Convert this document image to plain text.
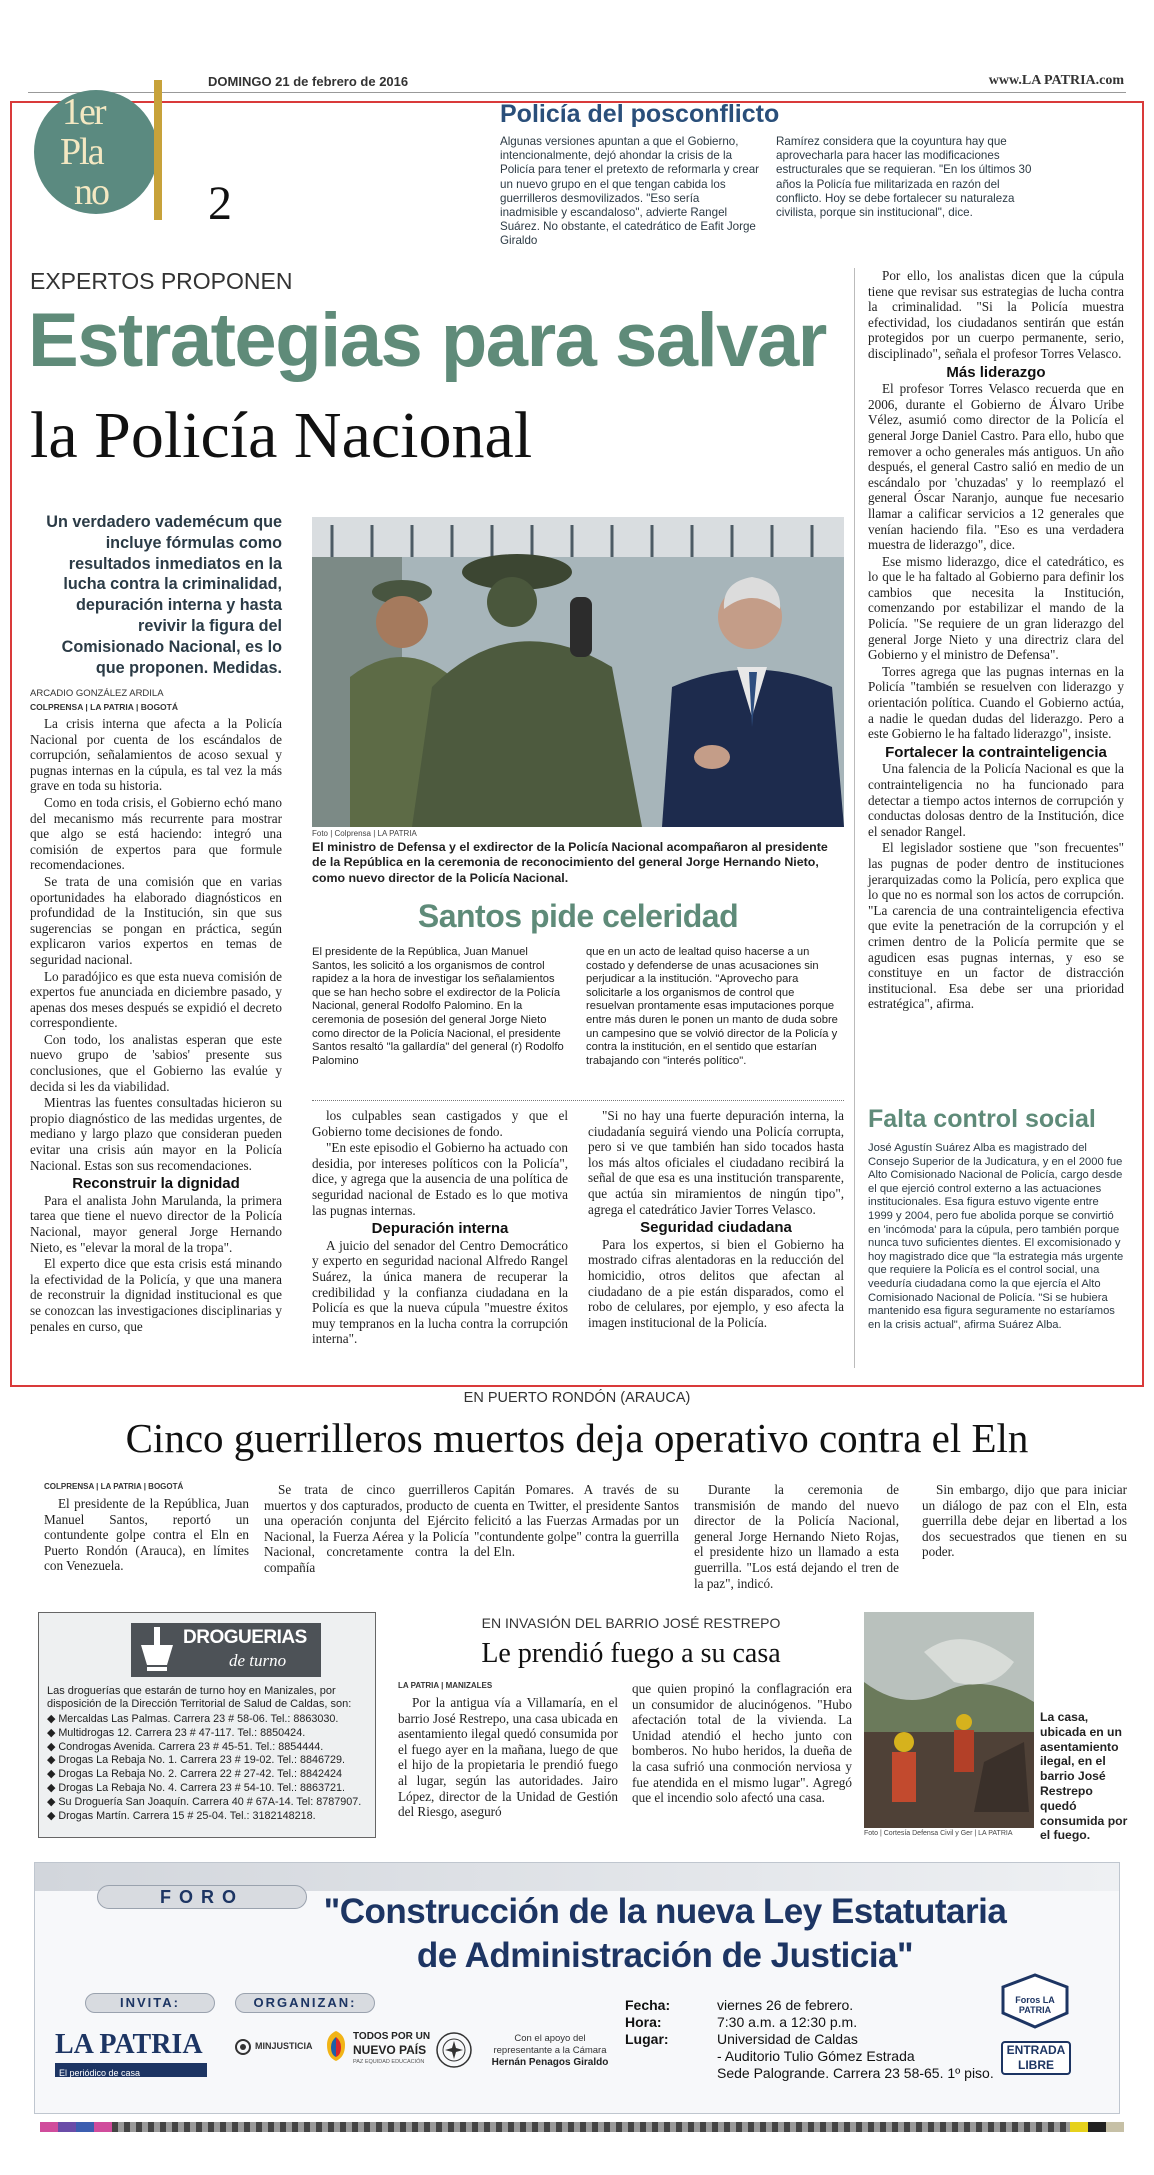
DOMINGO 21 de febrero de 2016	www.LA PATRIA.com
1er
Pla
no 2
Policía del posconflicto
Algunas versiones apuntan a que el Gobierno, intencionalmente, dejó ahondar la crisis de la Policía para tener el pretexto de reformarla y crear un nuevo grupo en el que tengan cabida los guerrilleros desmovilizados. "Eso sería inadmisible y escandaloso", advierte Rangel Suárez. No obstante, el catedrático de Eafit Jorge Giraldo
Ramírez considera que la coyuntura hay que aprovecharla para hacer las modificaciones estructurales que se requieran. "En los últimos 30 años la Policía fue militarizada en razón del conflicto. Hoy se debe fortalecer su naturaleza civilista, porque sin institucional", dice.
EXPERTOS PROPONEN
Estrategias para salvar
la Policía Nacional
Un verdadero vademécum que incluye fórmulas como resultados inmediatos en la lucha contra la criminalidad, depuración interna y hasta revivir la figura del Comisionado Nacional, es lo que proponen. Medidas.
ARCADIO GONZÁLEZ ARDILA
COLPRENSA | LA PATRIA | BOGOTÁ

La crisis interna que afecta a la Policía Nacional por cuenta de los escándalos de corrupción, señalamientos de acoso sexual y pugnas internas en la cúpula, es tal vez la más grave en toda su historia.

Como en toda crisis, el Gobierno echó mano del mecanismo más recurrente para mostrar que algo se está haciendo: integró una comisión de expertos para que formule recomendaciones.

Se trata de una comisión que en varias oportunidades ha elaborado diagnósticos en profundidad de la Institución, sin que sus sugerencias se pongan en práctica, según explicaron varios expertos en temas de seguridad nacional.

Lo paradójico es que esta nueva comisión de expertos fue anunciada en diciembre pasado, y apenas dos meses después se expidió el decreto correspondiente.

Con todo, los analistas esperan que este nuevo grupo de 'sabios' presente sus conclusiones, que el Gobierno las evalúe y decida si les da viabilidad.

Mientras las fuentes consultadas hicieron su propio diagnóstico de las medidas urgentes, de mediano y largo plazo que consideran pueden evitar una crisis aún mayor en la Policía Nacional. Estas son sus recomendaciones.

Reconstruir la dignidad

Para el analista John Marulanda, la primera tarea que tiene el nuevo director de la Policía Nacional, mayor general Jorge Hernando Nieto, es "elevar la moral de la tropa".

El experto dice que esta crisis está minando la efectividad de la Policía, y que una manera de reconstruir la dignidad institucional es que se conozcan las investigaciones disciplinarias y penales en curso, que

Foto | Colprensa | LA PATRIA
El ministro de Defensa y el exdirector de la Policía Nacional acompañaron al presidente de la República en la ceremonia de reconocimiento del general Jorge Hernando Nieto, como nuevo director de la Policía Nacional.
Santos pide celeridad
El presidente de la República, Juan Manuel Santos, les solicitó a los organismos de control rapidez a la hora de investigar los señalamientos que se han hecho sobre el exdirector de la Policía Nacional, general Rodolfo Palomino. En la ceremonia de posesión del general Jorge Nieto como director de la Policía Nacional, el presidente Santos resaltó "la gallardía" del general (r) Rodolfo Palomino
que en un acto de lealtad quiso hacerse a un costado y defenderse de unas acusaciones sin perjudicar a la institución. "Aprovecho para solicitarle a los organismos de control que resuelvan prontamente esas imputaciones porque entre más duren le ponen un manto de duda sobre un campesino que se volvió director de la Policía y contra la institución, en el sentido que estarían trabajando con "interés político".

los culpables sean castigados y que el Gobierno tome decisiones de fondo.

"En este episodio el Gobierno ha actuado con desidia, por intereses políticos con la Policía", dice, y agrega que la ausencia de una política de seguridad nacional de Estado es lo que motiva las pugnas internas.

Depuración interna

A juicio del senador del Centro Democrático y experto en seguridad nacional Alfredo Rangel Suárez, la única manera de recuperar la credibilidad y la confianza ciudadana en la Policía es que la nueva cúpula "muestre éxitos muy tempranos en la lucha contra la corrupción interna".

"Si no hay una fuerte depuración interna, la ciudadanía seguirá viendo una Policía corrupta, pero si ve que también han sido tocados hasta los más altos oficiales el ciudadano recibirá la señal de que esa es una institución transparente, que actúa sin miramientos de ningún tipo", agrega el catedrático Javier Torres Velasco.

Seguridad ciudadana

Para los expertos, si bien el Gobierno ha mostrado cifras alentadoras en la reducción del homicidio, otros delitos que afectan al ciudadano de a pie están disparados, como el robo de celulares, por ejemplo, y eso afecta la imagen institucional de la Policía.

Por ello, los analistas dicen que la cúpula tiene que revisar sus estrategias de lucha contra la criminalidad. "Si la Policía muestra efectividad, los ciudadanos sentirán que están protegidos por un cuerpo permanente, serio, disciplinado", señala el profesor Torres Velasco.

Más liderazgo

El profesor Torres Velasco recuerda que en 2006, durante el Gobierno de Álvaro Uribe Vélez, asumió como director de la Policía el general Jorge Daniel Castro. Para ello, hubo que remover a ocho generales más antiguos. Un año después, el general Castro salió en medio de un escándalo por 'chuzadas' y lo reemplazó el general Óscar Naranjo, aunque fue necesario llamar a calificar servicios a 12 generales que venían haciendo fila. "Eso es una verdadera muestra de liderazgo", dice.

Ese mismo liderazgo, dice el catedrático, es lo que le ha faltado al Gobierno para definir los cambios que necesita la Institución, comenzando por estabilizar el mando de la Policía. "Se requiere de un gran liderazgo del general Jorge Nieto y una directriz clara del Gobierno y el ministro de Defensa".

Torres agrega que las pugnas internas en la Policía "también se resuelven con liderazgo y orientación política. Cuando el Gobierno actúa, a nadie le quedan dudas del liderazgo. Pero a este Gobierno le ha faltado liderazgo", insiste.

Fortalecer la contrainteligencia

Una falencia de la Policía Nacional es que la contrainteligencia no ha funcionado para detectar a tiempo actos internos de corrupción y conductas dolosas dentro de la Institución, dice el senador Rangel.

El legislador sostiene que "son frecuentes" las pugnas de poder dentro de instituciones jerarquizadas como la Policía, pero explica que lo que no es normal son los actos de corrupción. "La carencia de una contrainteligencia efectiva que evite la penetración de la corrupción y el crimen dentro de la Policía permite que se agudicen esas pugnas internas, y eso se constituye en un factor de distracción institucional. Esa debe ser una prioridad estratégica", afirma.

Falta control social
José Agustín Suárez Alba es magistrado del Consejo Superior de la Judicatura, y en el 2000 fue Alto Comisionado Nacional de Policía, cargo desde el que ejerció control externo a las actuaciones institucionales. Esa figura estuvo vigente entre 1999 y 2004, pero fue abolida porque se convirtió en 'incómoda' para la cúpula, pero también porque nunca tuvo suficientes dientes. El excomisionado y hoy magistrado dice que "la estrategia más urgente que requiere la Policía es el control social, una veeduría ciudadana como la que ejercía el Alto Comisionado Nacional de Policía. "Si se hubiera mantenido esa figura seguramente no estaríamos en la crisis actual", afirma Suárez Alba.
EN PUERTO RONDÓN (ARAUCA)
Cinco guerrilleros muertos deja operativo contra el Eln
COLPRENSA | LA PATRIA | BOGOTÁ

El presidente de la República, Juan Manuel Santos, reportó un contundente golpe contra el Eln en Puerto Rondón (Arauca), en límites con Venezuela.

Se trata de cinco guerrilleros muertos y dos capturados, producto de una operación conjunta del Ejército Nacional, la Fuerza Aérea y la Policía Nacional, concretamente contra la compañía

Capitán Pomares. A través de su cuenta en Twitter, el presidente Santos felicitó a las Fuerzas Armadas por un "contundente golpe" contra la guerrilla del Eln.

Durante la ceremonia de transmisión de mando del nuevo director de la Policía Nacional, general Jorge Hernando Nieto Rojas, el presidente hizo un llamado a esta guerrilla. "Los está dejando el tren de la paz", indicó.

Sin embargo, dijo que para iniciar un diálogo de paz con el Eln, esta guerrilla debe dejar en libertad a los dos secuestrados que tienen en su poder.

DROGUERIAS
de turno
Las droguerías que estarán de turno hoy en Manizales, por disposición de la Dirección Territorial de Salud de Caldas, son:
◆ Mercaldas Las Palmas. Carrera 23 # 58-06. Tel.: 8863030.
◆ Multidrogas 12. Carrera 23 # 47-117. Tel.: 8850424.
◆ Condrogas Avenida. Carrera 23 # 45-51. Tel.: 8854444.
◆ Drogas La Rebaja No. 1. Carrera 23 # 19-02. Tel.: 8846729.
◆ Drogas La Rebaja No. 2. Carrera 22 # 27-42. Tel.: 8842424
◆ Drogas La Rebaja No. 4. Carrera 23 # 54-10. Tel.: 8863721.
◆ Su Droguería San Joaquín. Carrera 40 # 67A-14. Tel: 8787907.
◆ Drogas Martín. Carrera 15 # 25-04. Tel.: 3182148218.
EN INVASIÓN DEL BARRIO JOSÉ RESTREPO
Le prendió fuego a su casa
LA PATRIA | MANIZALES

Por la antigua vía a Villamaría, en el barrio José Restrepo, una casa ubicada en asentamiento ilegal quedó consumida por el fuego ayer en la mañana, luego de que el hijo de la propietaria le prendió fuego al lugar, según las autoridades. Jairo López, director de la Unidad de Gestión del Riesgo, aseguró

que quien propinó la conflagración era un consumidor de alucinógenos. "Hubo afectación total de la vivienda. La Unidad atendió el hecho junto con bomberos. No hubo heridos, la dueña de la casa sufrió una conmoción nerviosa y fue atendida en el mismo lugar". Agregó que el incendio solo afectó una casa.

Foto | Cortesía Defensa Civil y Ger | LA PATRIA
La casa, ubicada en un asentamiento ilegal, en el barrio José Restrepo quedó consumida por el fuego.
FORO	"Construcción de la nueva Ley Estatutaria
de Administración de Justicia"
INVITA:	ORGANIZAN:
LA PATRIA
El periódico de casa
MINJUSTICIA
TODOS POR UN
NUEVO PAÍS
PAZ EQUIDAD EDUCACIÓN
Con el apoyo del
representante a la Cámara
Hernán Penagos Giraldo
Fecha:	viernes 26 de febrero.
Hora:	7:30 a.m. a 12:30 p.m.
Lugar:	Universidad de Caldas
- Auditorio Tulio Gómez Estrada
Sede Palogrande. Carrera 23 58-65. 1º piso.
Foros LA PATRIA
ENTRADA
LIBRE
